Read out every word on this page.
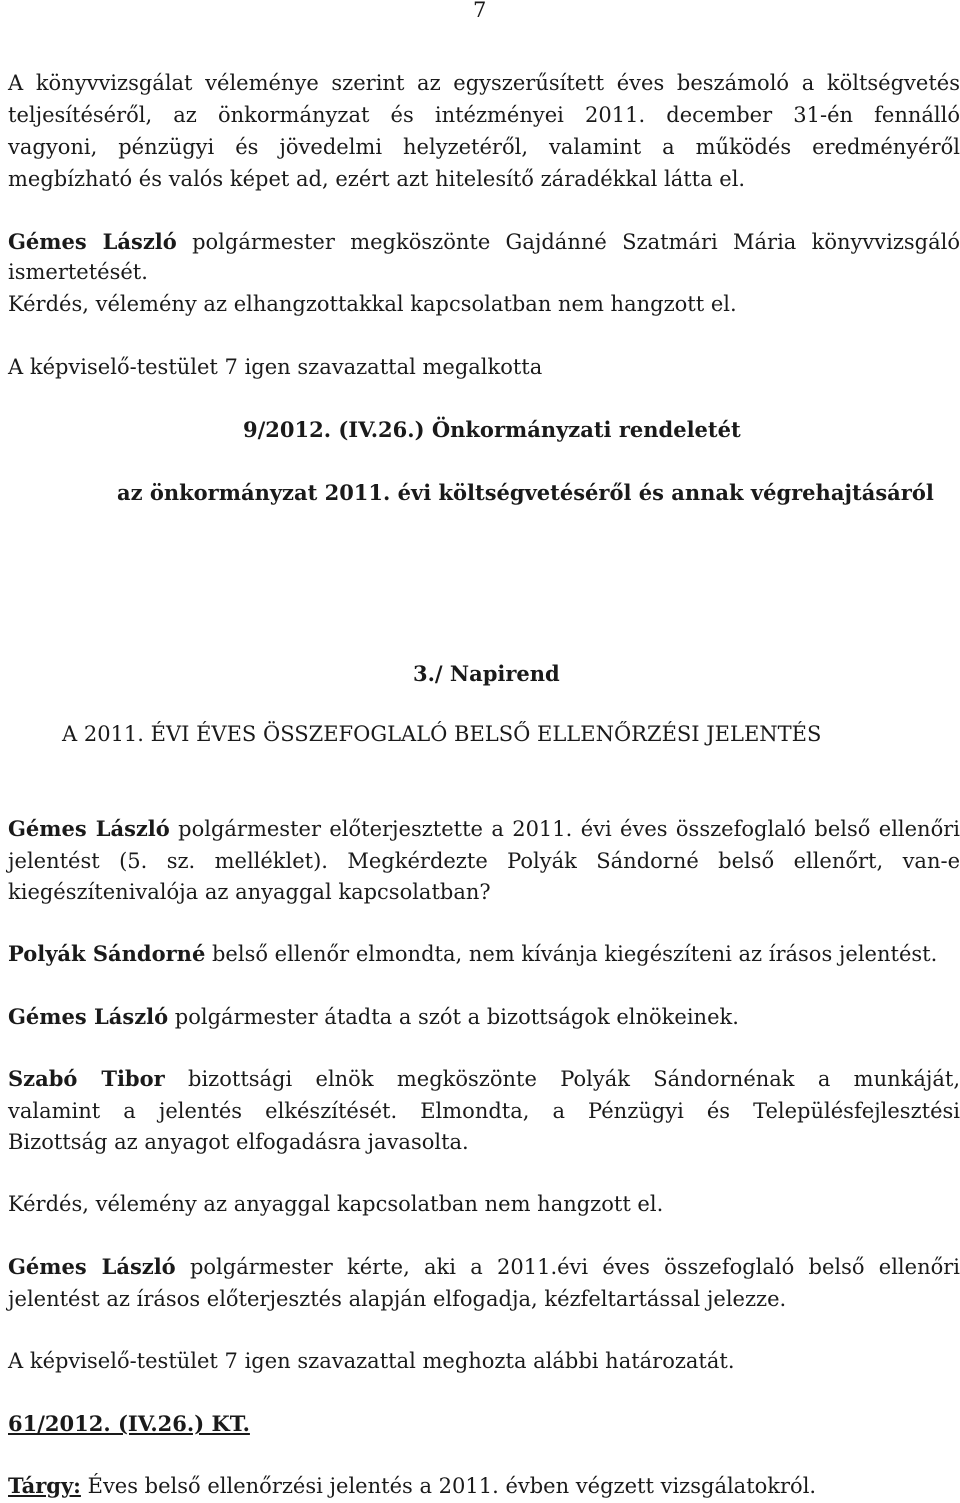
7
A könyvvizsgálat véleménye szerint az egyszerűsített éves beszámoló a költségvetés
teljesítéséről, az önkormányzat és intézményei 2011. december 31-én fennálló
vagyoni, pénzügyi és jövedelmi helyzetéről, valamint a működés eredményéről
megbízható és valós képet ad, ezért azt hitelesítő záradékkal látta el.
Gémes László polgármester megköszönte Gajdánné Szatmári Mária könyvvizsgáló
ismertetését.
Kérdés, vélemény az elhangzottakkal kapcsolatban nem hangzott el.
A képviselő-testület 7 igen szavazattal megalkotta
9/2012. (IV.26.) Önkormányzati rendeletét
az önkormányzat 2011. évi költségvetéséről és annak végrehajtásáról
3./ Napirend
A 2011. ÉVI ÉVES ÖSSZEFOGLALÓ BELSŐ ELLENŐRZÉSI JELENTÉS
Gémes László polgármester előterjesztette a 2011. évi éves összefoglaló belső ellenőri
jelentést (5. sz. melléklet). Megkérdezte Polyák Sándorné belső ellenőrt, van-e
kiegészítenivalója az anyaggal kapcsolatban?
Polyák Sándorné belső ellenőr elmondta, nem kívánja kiegészíteni az írásos jelentést.
Gémes László polgármester átadta a szót a bizottságok elnökeinek.
Szabó Tibor bizottsági elnök megköszönte Polyák Sándornénak a munkáját,
valamint a jelentés elkészítését. Elmondta, a Pénzügyi és Településfejlesztési
Bizottság az anyagot elfogadásra javasolta.
Kérdés, vélemény az anyaggal kapcsolatban nem hangzott el.
Gémes László polgármester kérte, aki a 2011.évi éves összefoglaló belső ellenőri
jelentést az írásos előterjesztés alapján elfogadja, kézfeltartással jelezze.
A képviselő-testület 7 igen szavazattal meghozta alábbi határozatát.
61/2012. (IV.26.) KT.
Tárgy: Éves belső ellenőrzési jelentés a 2011. évben végzett vizsgálatokról.
